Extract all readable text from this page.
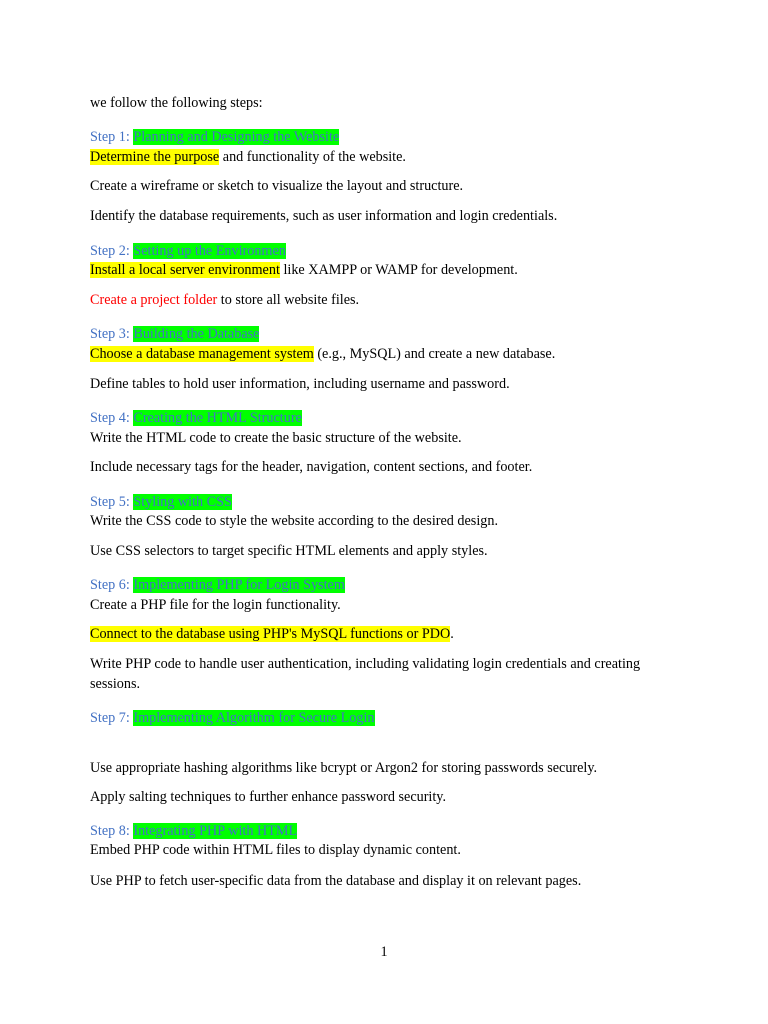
we follow the following steps:
Step 1: Planning and Designing the Website
Determine the purpose and functionality of the website.
Create a wireframe or sketch to visualize the layout and structure.
Identify the database requirements, such as user information and login credentials.
Step 2: Setting up the Environmen
Install a local server environment like XAMPP or WAMP for development.
Create a project folder to store all website files.
Step 3: Building the Database
Choose a database management system (e.g., MySQL) and create a new database.
Define tables to hold user information, including username and password.
Step 4: Creating the HTML Structure
Write the HTML code to create the basic structure of the website.
Include necessary tags for the header, navigation, content sections, and footer.
Step 5: Styling with CSS
Write the CSS code to style the website according to the desired design.
Use CSS selectors to target specific HTML elements and apply styles.
Step 6: Implementing PHP for Login System
Create a PHP file for the login functionality.
Connect to the database using PHP's MySQL functions or PDO.
Write PHP code to handle user authentication, including validating login credentials and creating
sessions.
Step 7: Implementing Algorithm for Secure Login
Use appropriate hashing algorithms like bcrypt or Argon2 for storing passwords securely.
Apply salting techniques to further enhance password security.
Step 8: Integrating PHP with HTML
Embed PHP code within HTML files to display dynamic content.
Use PHP to fetch user-specific data from the database and display it on relevant pages.
1
